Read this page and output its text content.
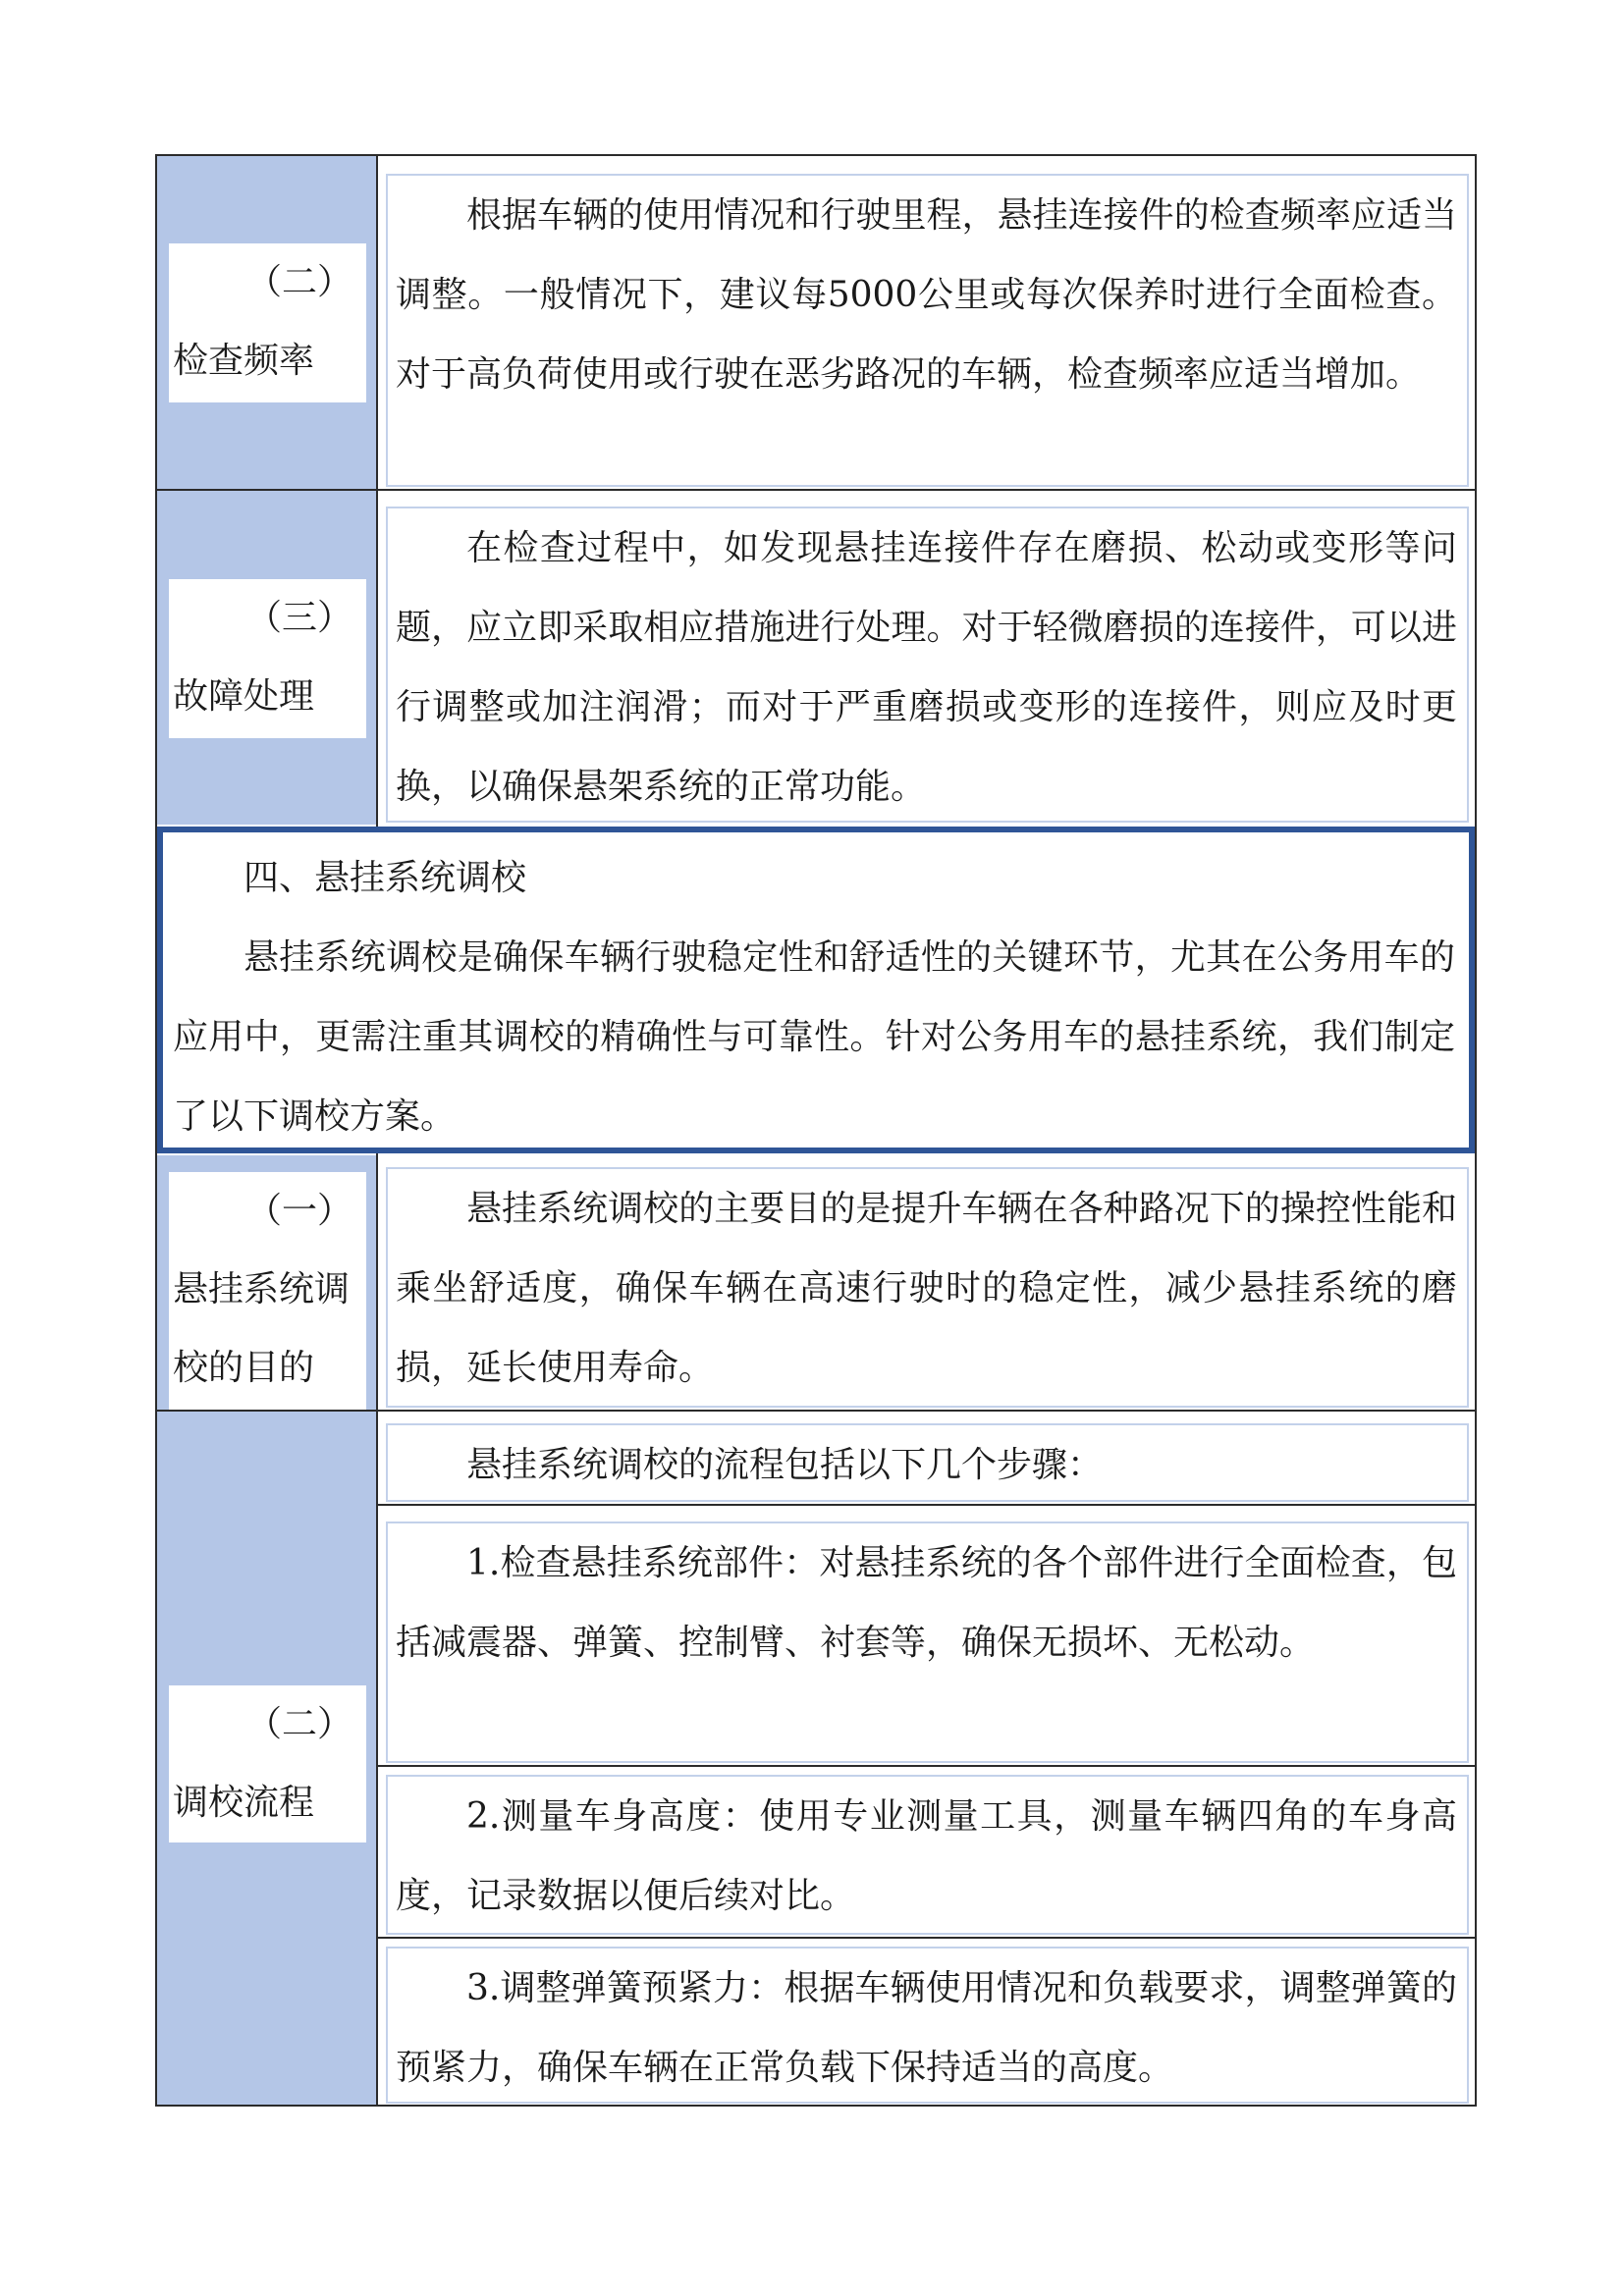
（二）
检查频率

根据车辆的使用情况和行驶里程，悬挂连接件的检查频率应适当调整。一般情况下，建议每5000公里或每次保养时进行全面检查。对于高负荷使用或行驶在恶劣路况的车辆，检查频率应适当增加。

（三）
故障处理

在检查过程中，如发现悬挂连接件存在磨损、松动或变形等问题，应立即采取相应措施进行处理。对于轻微磨损的连接件，可以进行调整或加注润滑；而对于严重磨损或变形的连接件，则应及时更换，以确保悬架系统的正常功能。

四、悬挂系统调校

悬挂系统调校是确保车辆行驶稳定性和舒适性的关键环节，尤其在公务用车的应用中，更需注重其调校的精确性与可靠性。针对公务用车的悬挂系统，我们制定了以下调校方案。

（一）
悬挂系统调
校的目的

悬挂系统调校的主要目的是提升车辆在各种路况下的操控性能和乘坐舒适度，确保车辆在高速行驶时的稳定性，减少悬挂系统的磨损，延长使用寿命。

（二）
调校流程

悬挂系统调校的流程包括以下几个步骤：

1.检查悬挂系统部件：对悬挂系统的各个部件进行全面检查，包括减震器、弹簧、控制臂、衬套等，确保无损坏、无松动。

2.测量车身高度：使用专业测量工具，测量车辆四角的车身高度，记录数据以便后续对比。

3.调整弹簧预紧力：根据车辆使用情况和负载要求，调整弹簧的预紧力，确保车辆在正常负载下保持适当的高度。
